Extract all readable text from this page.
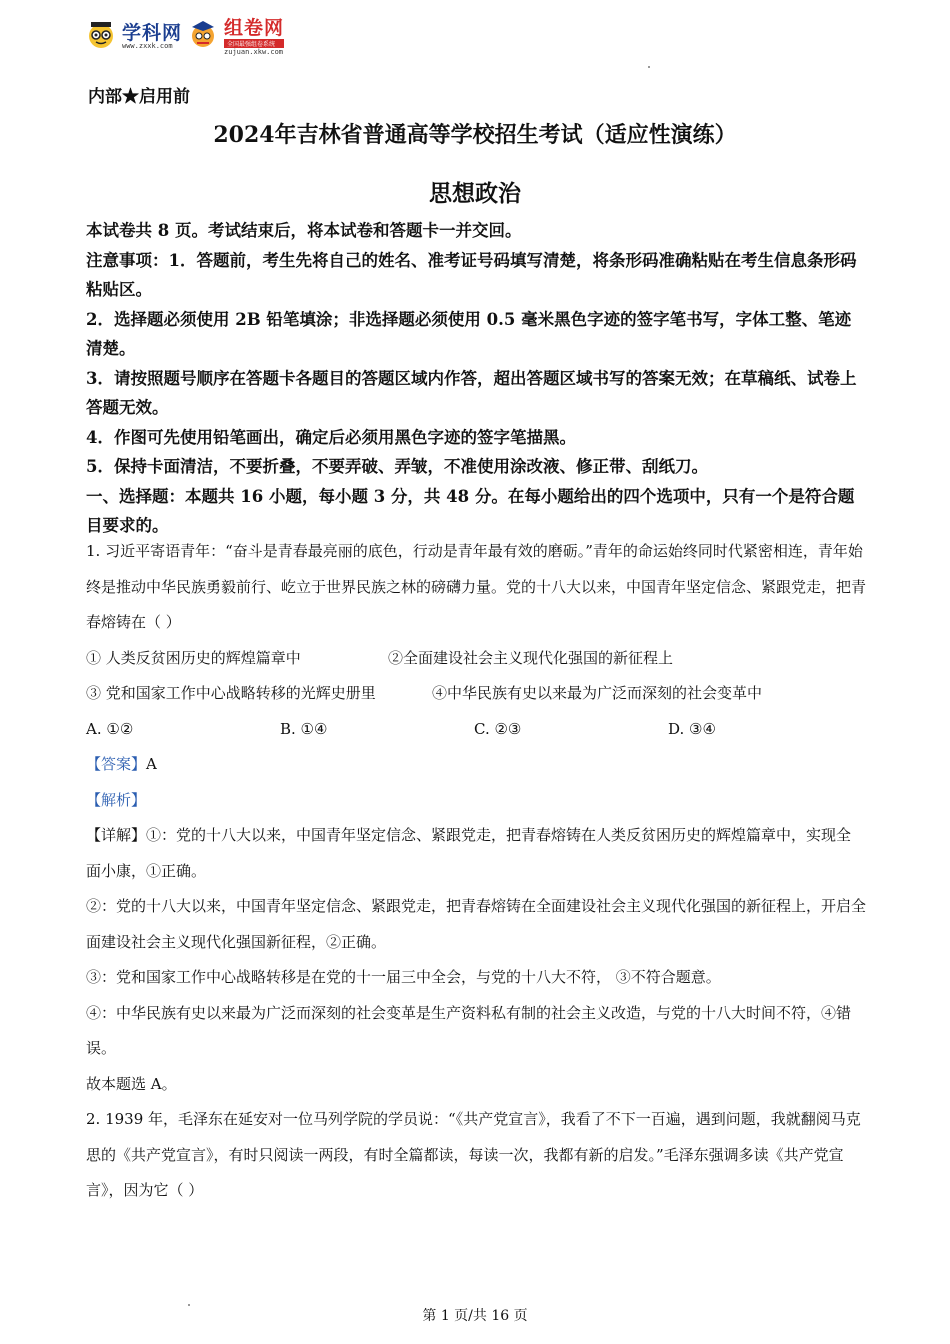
学科网
www.zxxk.com
组卷网
全国最强组卷系统
zujuan.xkw.com
内部★启用前
2024年吉林省普通高等学校招生考试（适应性演练）
思想政治

本试卷共 8 页。考试结束后，将本试卷和答题卡一并交回。

注意事项：1．答题前，考生先将自己的姓名、准考证号码填写清楚，将条形码准确粘贴在考生信息条形码粘贴区。

2．选择题必须使用 2B 铅笔填涂；非选择题必须使用 0.5 毫米黑色字迹的签字笔书写，字体工整、笔迹清楚。

3．请按照题号顺序在答题卡各题目的答题区域内作答，超出答题区域书写的答案无效；在草稿纸、试卷上答题无效。

4．作图可先使用铅笔画出，确定后必须用黑色字迹的签字笔描黑。

5．保持卡面清洁，不要折叠，不要弄破、弄皱，不准使用涂改液、修正带、刮纸刀。

一、选择题：本题共 16 小题，每小题 3 分，共 48 分。在每小题给出的四个选项中，只有一个是符合题目要求的。

1. 习近平寄语青年：“奋斗是青春最亮丽的底色，行动是青年最有效的磨砺。”青年的命运始终同时代紧密相连，青年始终是推动中华民族勇毅前行、屹立于世界民族之林的磅礴力量。党的十八大以来，中国青年坚定信念、紧跟党走，把青春熔铸在（ ）

① 人类反贫困历史的辉煌篇章中	②全面建设社会主义现代化强国的新征程上
③ 党和国家工作中心战略转移的光辉史册里	④中华民族有史以来最为广泛而深刻的社会变革中
A. ①②	B. ①④	C. ②③	D. ③④

【答案】A

【解析】

【详解】①：党的十八大以来，中国青年坚定信念、紧跟党走，把青春熔铸在人类反贫困历史的辉煌篇章中，实现全面小康，①正确。

②：党的十八大以来，中国青年坚定信念、紧跟党走，把青春熔铸在全面建设社会主义现代化强国的新征程上，开启全面建设社会主义现代化强国新征程，②正确。

③：党和国家工作中心战略转移是在党的十一届三中全会，与党的十八大不符， ③不符合题意。

④：中华民族有史以来最为广泛而深刻的社会变革是生产资料私有制的社会主义改造，与党的十八大时间不符，④错误。

故本题选 A。

2. 1939 年，毛泽东在延安对一位马列学院的学员说：“《共产党宣言》，我看了不下一百遍，遇到问题，我就翻阅马克思的《共产党宣言》，有时只阅读一两段，有时全篇都读，每读一次，我都有新的启发。”毛泽东强调多读《共产党宣言》，因为它（ ）

第 1 页/共 16 页
